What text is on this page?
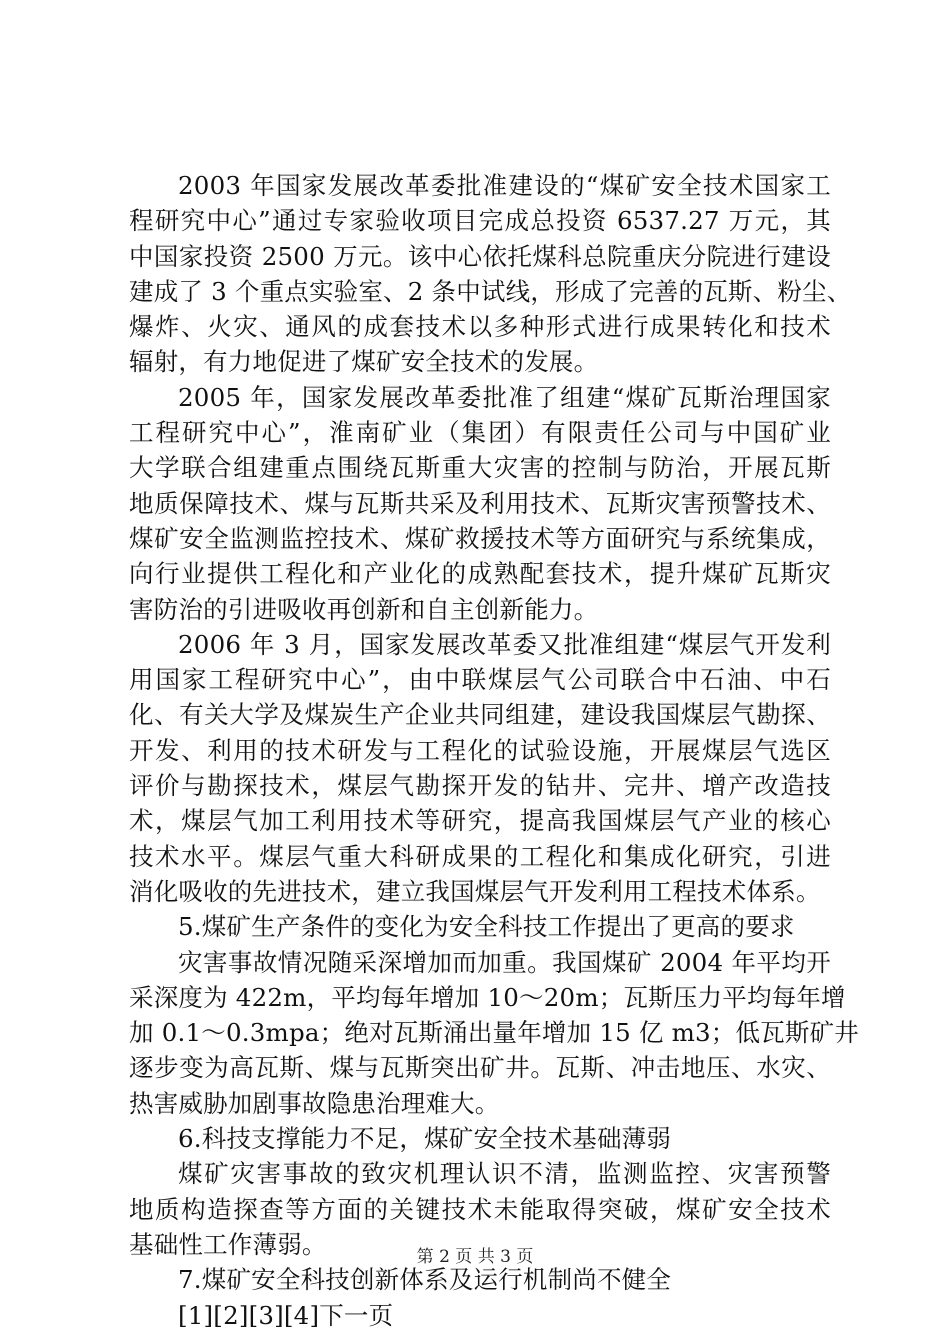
2003 年国家发展改革委批准建设的“煤矿安全技术国家工
程研究中心”通过专家验收项目完成总投资 6537.27 万元，其
中国家投资 2500 万元。该中心依托煤科总院重庆分院进行建设
建成了 3 个重点实验室、2 条中试线，形成了完善的瓦斯、粉尘、
爆炸、火灾、通风的成套技术以多种形式进行成果转化和技术
辐射，有力地促进了煤矿安全技术的发展。
2005 年，国家发展改革委批准了组建“煤矿瓦斯治理国家
工程研究中心”，淮南矿业（集团）有限责任公司与中国矿业
大学联合组建重点围绕瓦斯重大灾害的控制与防治，开展瓦斯
地质保障技术、煤与瓦斯共采及利用技术、瓦斯灾害预警技术、
煤矿安全监测监控技术、煤矿救援技术等方面研究与系统集成，
向行业提供工程化和产业化的成熟配套技术，提升煤矿瓦斯灾
害防治的引进吸收再创新和自主创新能力。
2006 年 3 月，国家发展改革委又批准组建“煤层气开发利
用国家工程研究中心”，由中联煤层气公司联合中石油、中石
化、有关大学及煤炭生产企业共同组建，建设我国煤层气勘探、
开发、利用的技术研发与工程化的试验设施，开展煤层气选区
评价与勘探技术，煤层气勘探开发的钻井、完井、增产改造技
术，煤层气加工利用技术等研究，提高我国煤层气产业的核心
技术水平。煤层气重大科研成果的工程化和集成化研究，引进
消化吸收的先进技术，建立我国煤层气开发利用工程技术体系。
5.煤矿生产条件的变化为安全科技工作提出了更高的要求
灾害事故情况随采深增加而加重。我国煤矿 2004 年平均开
采深度为 422m，平均每年增加 10～20m；瓦斯压力平均每年增
加 0.1～0.3mpa；绝对瓦斯涌出量年增加 15 亿 m3；低瓦斯矿井
逐步变为高瓦斯、煤与瓦斯突出矿井。瓦斯、冲击地压、水灾、
热害威胁加剧事故隐患治理难大。
6.科技支撑能力不足，煤矿安全技术基础薄弱
煤矿灾害事故的致灾机理认识不清，监测监控、灾害预警
地质构造探查等方面的关键技术未能取得突破，煤矿安全技术
基础性工作薄弱。
7.煤矿安全科技创新体系及运行机制尚不健全
[1][2][3][4]下一页
第 2 页 共 3 页
